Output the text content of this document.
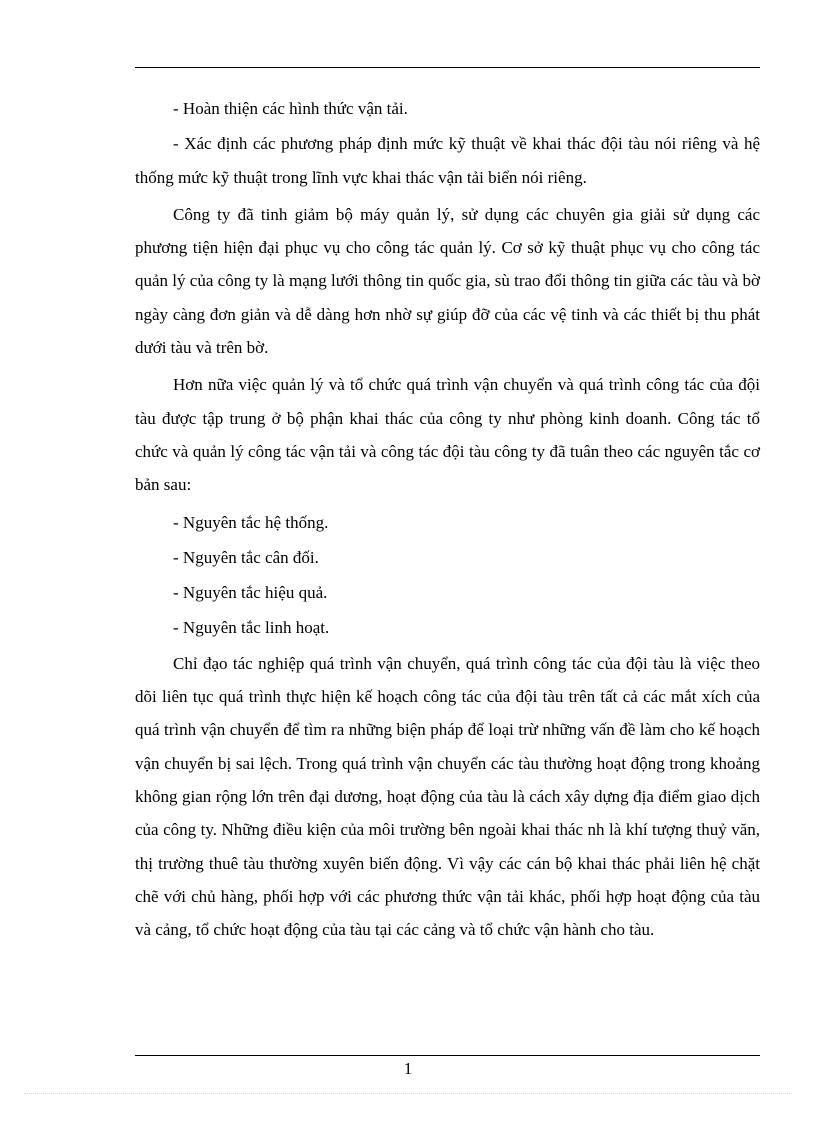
- Hoàn thiện các hình thức vận tải.

- Xác định các phương pháp định mức kỹ thuật về khai thác đội tàu nói riêng và hệ thống mức kỹ thuật trong lĩnh vực khai thác vận tải biển nói riêng.

Công ty đã tinh giảm bộ máy quản lý, sử dụng các chuyên gia giải sử dụng các phương tiện hiện đại phục vụ cho công tác quản lý. Cơ sở kỹ thuật phục vụ cho công tác quản lý của công ty là mạng lưới thông tin quốc gia, sù trao đổi thông tin giữa các tàu và bờ ngày càng đơn giản và dễ dàng hơn nhờ sự giúp đỡ của các vệ tinh và các thiết bị thu phát dưới tàu và trên bờ.

Hơn nữa việc quản lý và tổ chức quá trình vận chuyển và quá trình công tác của đội tàu được tập trung ở bộ phận khai thác của công ty như phòng kinh doanh. Công tác tổ chức và quản lý công tác vận tải và công tác đội tàu công ty đã tuân theo các nguyên tắc cơ bản sau:

- Nguyên tắc hệ thống.

- Nguyên tắc cân đối.

- Nguyên tắc hiệu quả.

- Nguyên tắc linh hoạt.

Chỉ đạo tác nghiệp quá trình vận chuyển, quá trình công tác của đội tàu là việc theo dõi liên tục quá trình thực hiện kế hoạch công tác của đội tàu trên tất cả các mắt xích của quá trình vận chuyển để tìm ra những biện pháp để loại trừ những vấn đề làm cho kế hoạch vận chuyển bị sai lệch. Trong quá trình vận chuyển các tàu thường hoạt động trong khoảng không gian rộng lớn trên đại dương, hoạt động của tàu là cách xây dựng địa điểm giao dịch của công ty. Những điều kiện của môi trường bên ngoài khai thác nh là khí tượng thuỷ văn, thị trường thuê tàu thường xuyên biến động. Vì vậy các cán bộ khai thác phải liên hệ chặt chẽ với chủ hàng, phối hợp với các phương thức vận tải khác, phối hợp hoạt động của tàu và cảng, tổ chức hoạt động của tàu tại các cảng và tổ chức vận hành cho tàu.

1
